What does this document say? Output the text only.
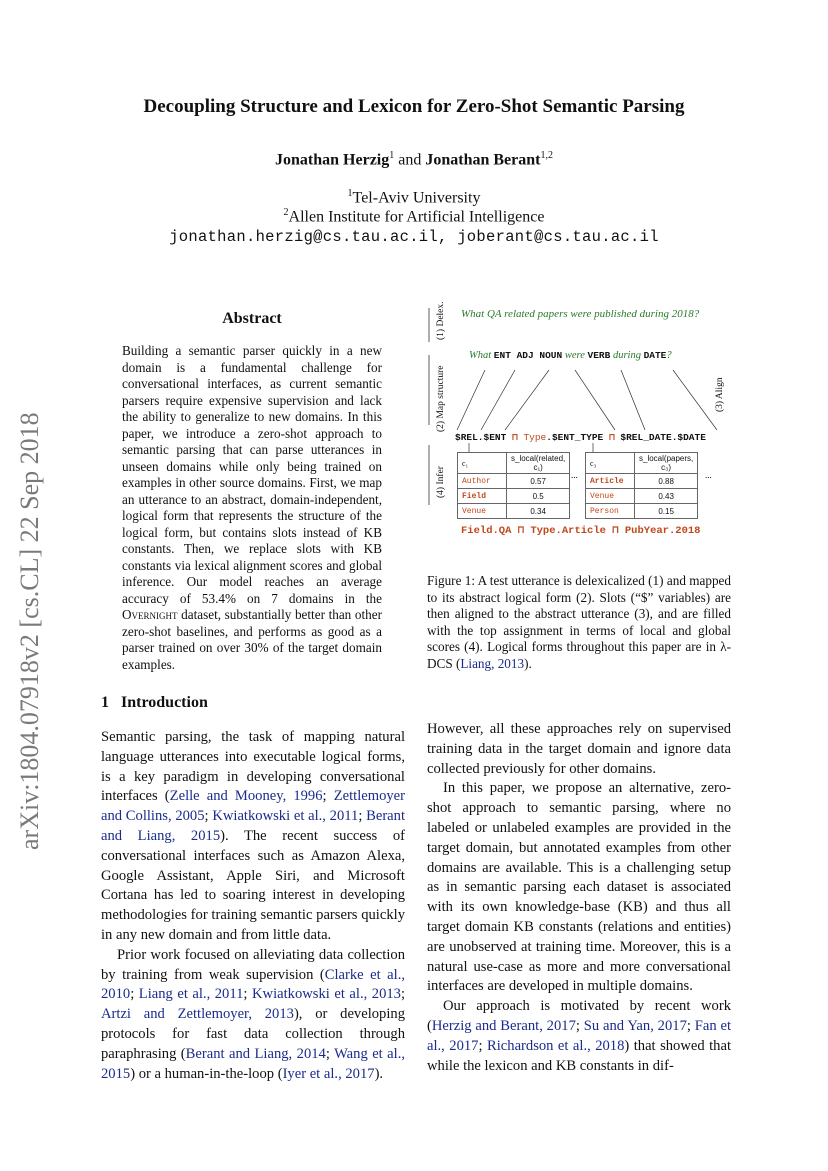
arXiv:1804.07918v2 [cs.CL] 22 Sep 2018
Decoupling Structure and Lexicon for Zero-Shot Semantic Parsing
Jonathan Herzig$^1$ and Jonathan Berant$^{1,2}$
$^1$Tel-Aviv University
$^2$Allen Institute for Artificial Intelligence
jonathan.herzig@cs.tau.ac.il, joberant@cs.tau.ac.il
Abstract
Building a semantic parser quickly in a new domain is a fundamental challenge for conversational interfaces, as current semantic parsers require expensive supervision and lack the ability to generalize to new domains. In this paper, we introduce a zero-shot approach to semantic parsing that can parse utterances in unseen domains while only being trained on examples in other source domains. First, we map an utterance to an abstract, domain-independent, logical form that represents the structure of the logical form, but contains slots instead of KB constants. Then, we replace slots with KB constants via lexical alignment scores and global inference. Our model reaches an average accuracy of 53.4% on 7 domains in the Overnight dataset, substantially better than other zero-shot baselines, and performs as good as a parser trained on over 30% of the target domain examples.
(1) Delex.
(2) Map structure	(3) Align
(4) Infer
What QA related papers were published during 2018?
What ENT ADJ NOUN were VERB during DATE?
$REL.$ENT ⊓ Type.$ENT_TYPE ⊓ $REL_DATE.$DATE
c₁	s_local(related, c₁)
Author	0.57
Field	0.5
Venue	0.34
...
c₃	s_local(papers, c₃)
Article	0.88
Venue	0.43
Person	0.15
...
Field.QA ⊓ Type.Article ⊓ PubYear.2018
Figure 1: A test utterance is delexicalized (1) and mapped to its abstract logical form (2). Slots (“$” variables) are then aligned to the abstract utterance (3), and are filled with the top assignment in terms of local and global scores (4). Logical forms throughout this paper are in λ-DCS (Liang, 2013).
1 Introduction

Semantic parsing, the task of mapping natural language utterances into executable logical forms, is a key paradigm in developing conversational interfaces (Zelle and Mooney, 1996; Zettlemoyer and Collins, 2005; Kwiatkowski et al., 2011; Berant and Liang, 2015). The recent success of conversational interfaces such as Amazon Alexa, Google Assistant, Apple Siri, and Microsoft Cortana has led to soaring interest in developing methodologies for training semantic parsers quickly in any new domain and from little data.

Prior work focused on alleviating data collection by training from weak supervision (Clarke et al., 2010; Liang et al., 2011; Kwiatkowski et al., 2013; Artzi and Zettlemoyer, 2013), or developing protocols for fast data collection through paraphrasing (Berant and Liang, 2014; Wang et al., 2015) or a human-in-the-loop (Iyer et al., 2017).

However, all these approaches rely on supervised training data in the target domain and ignore data collected previously for other domains.

In this paper, we propose an alternative, zero-shot approach to semantic parsing, where no labeled or unlabeled examples are provided in the target domain, but annotated examples from other domains are available. This is a challenging setup as in semantic parsing each dataset is associated with its own knowledge-base (KB) and thus all target domain KB constants (relations and entities) are unobserved at training time. Moreover, this is a natural use-case as more and more conversational interfaces are developed in multiple domains.

Our approach is motivated by recent work (Herzig and Berant, 2017; Su and Yan, 2017; Fan et al., 2017; Richardson et al., 2018) that showed that while the lexicon and KB constants in dif-
